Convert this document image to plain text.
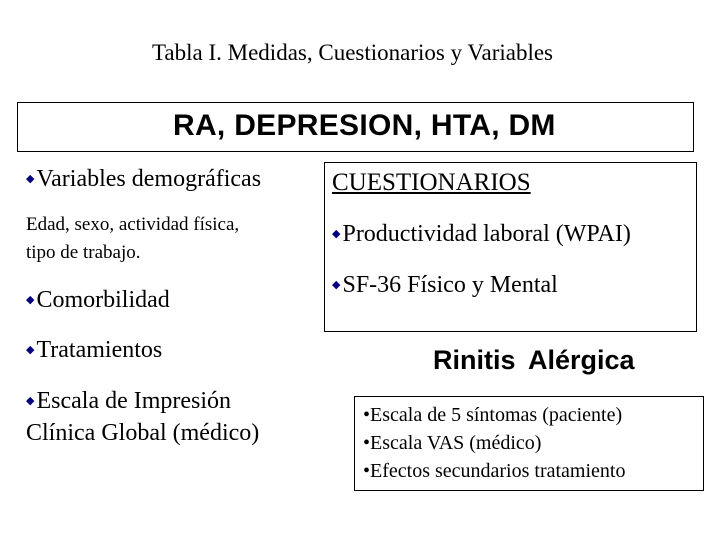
Tabla I. Medidas, Cuestionarios y Variables
RA, DEPRESION, HTA, DM
◆Variables demográficas
Edad, sexo, actividad física,
tipo de trabajo.
◆Comorbilidad
◆Tratamientos
◆Escala de Impresión
Clínica Global (médico)
CUESTIONARIOS
◆Productividad laboral (WPAI)
◆SF-36 Físico y Mental
Rinitis Alérgica
•Escala de 5 síntomas (paciente)
•Escala VAS (médico)
•Efectos secundarios tratamiento
